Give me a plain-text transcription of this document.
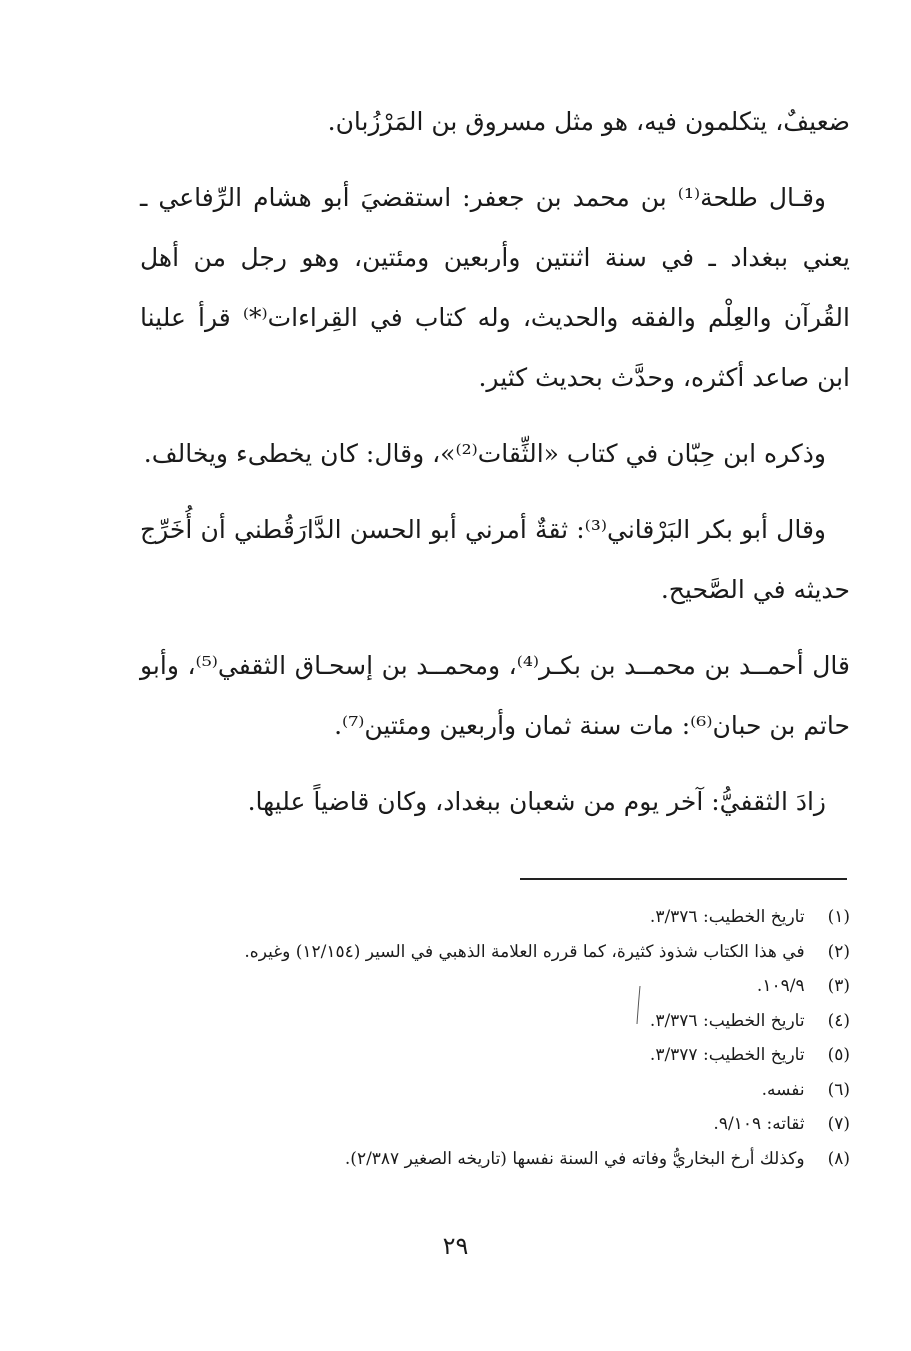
ضعيفٌ، يتكلمون فيه، هو مثل مسروق بن المَرْزُبان.

وقـال طلحة⁽¹⁾ بن محمد بن جعفر: استقضيَ أبو هشام الرِّفاعي ـ يعني ببغداد ـ في سنة اثنتين وأربعين ومئتين، وهو رجل من أهل القُرآن والعِلْم والفقه والحديث، وله كتاب في القِراءات⁽*⁾ قرأ علينا ابن صاعد أكثره، وحدَّث بحديث كثير.

وذكره ابن حِبّان في كتاب «الثِّقات⁽²⁾»، وقال: كان يخطىء ويخالف.

وقال أبو بكر البَرْقاني⁽³⁾: ثقةٌ أمرني أبو الحسن الدَّارَقُطني أن أُخَرِّج حديثه في الصَّحيح.

قال أحمــد بن محمــد بن بكـر⁽⁴⁾، ومحمــد بن إسحـاق الثقفي⁽⁵⁾، وأبو حاتم بن حبان⁽⁶⁾: مات سنة ثمان وأربعين ومئتين⁽⁷⁾.

زادَ الثقفيُّ: آخر يوم من شعبان ببغداد، وكان قاضياً عليها.

(١) تاريخ الخطيب: ٣/٣٧٦.
(٢) في هذا الكتاب شذوذ كثيرة، كما قرره العلامة الذهبي في السير (١٢/١٥٤) وغيره.
(٣) ١٠٩/٩.
(٤) تاريخ الخطيب: ٣/٣٧٦.
(٥) تاريخ الخطيب: ٣/٣٧٧.
(٦) نفسه.
(٧) ثقاته: ٩/١٠٩.
(٨) وكذلك أرخ البخاريُّ وفاته في السنة نفسها (تاريخه الصغير ٢/٣٨٧).
٢٩
